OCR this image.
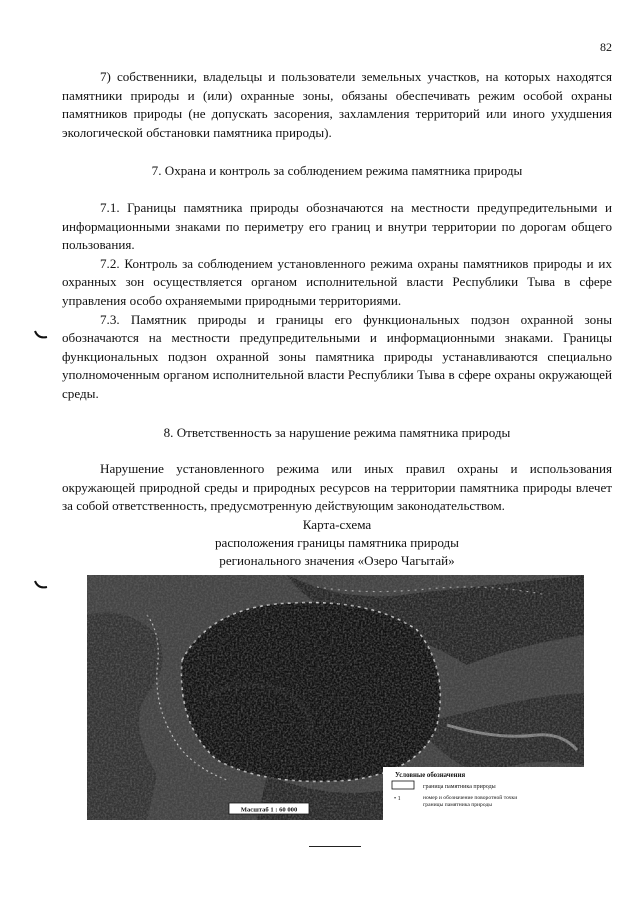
82

7) собственники, владельцы и пользователи земельных участков, на которых находятся памятники природы и (или) охранные зоны, обязаны обеспечивать режим особой охраны памятников природы (не допускать засорения, захламления территорий или иного ухудшения экологической обстановки памятника природы).

7. Охрана и контроль за соблюдением режима памятника природы

7.1. Границы памятника природы обозначаются на местности предупредительными и информационными знаками по периметру его границ и внутри территории по дорогам общего пользования.

7.2. Контроль за соблюдением установленного режима охраны памятников природы и их охранных зон осуществляется органом исполнительной власти Республики Тыва в сфере управления особо охраняемыми природными территориями.

7.3. Памятник природы и границы его функциональных подзон охранной зоны обозначаются на местности предупредительными и информационными знаками. Границы функциональных подзон охранной зоны памятника природы устанавливаются специально уполномоченным органом исполнительной власти Республики Тыва в сфере охраны окружающей среды.

8. Ответственность за нарушение режима памятника природы

Нарушение установленного режима или иных правил охраны и использования окружающей природной среды и природных ресурсов на территории памятника природы влечет за собой ответственность, предусмотренную действующим законодательством.

Карта-схема
расположения границы памятника природы
регионального значения «Озеро Чагытай»
Условные обозначения
граница памятника природы
• 1	номер и обозначение поворотной точки
границы памятника природы
Масштаб 1 : 60 000
